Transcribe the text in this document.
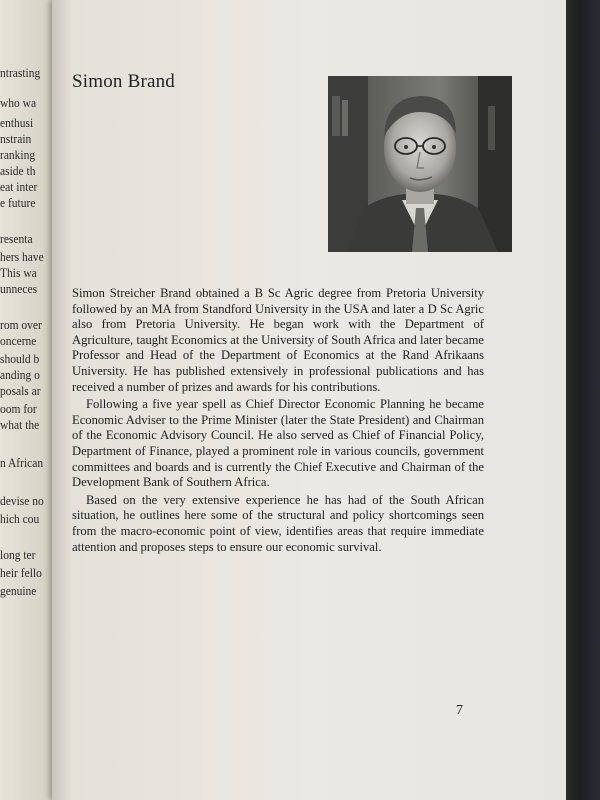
ntrasting
who wa
enthusi
nstrain
ranking
aside th
eat inter
e future
resenta
hers have
This wa
unneces
rom over
oncerne
should b
anding o
posals ar
oom for
what the
n African
devise no
hich cou
long ter
heir fello
genuine
Simon Brand

Simon Streicher Brand obtained a B Sc Agric degree from Pretoria University followed by an MA from Standford University in the USA and later a D Sc Agric also from Pretoria University. He began work with the Department of Agriculture, taught Economics at the University of South Africa and later became Professor and Head of the Department of Economics at the Rand Afrikaans University. He has published extensively in professional publications and has received a number of prizes and awards for his contributions.

Following a five year spell as Chief Director Economic Planning he became Economic Adviser to the Prime Minister (later the State President) and Chairman of the Economic Advisory Council. He also served as Chief of Financial Policy, Department of Finance, played a prominent role in various councils, government committees and boards and is currently the Chief Executive and Chairman of the Development Bank of Southern Africa.

Based on the very extensive experience he has had of the South African situation, he outlines here some of the structural and policy shortcomings seen from the macro-economic point of view, identifies areas that require immediate attention and proposes steps to ensure our economic survival.

7
